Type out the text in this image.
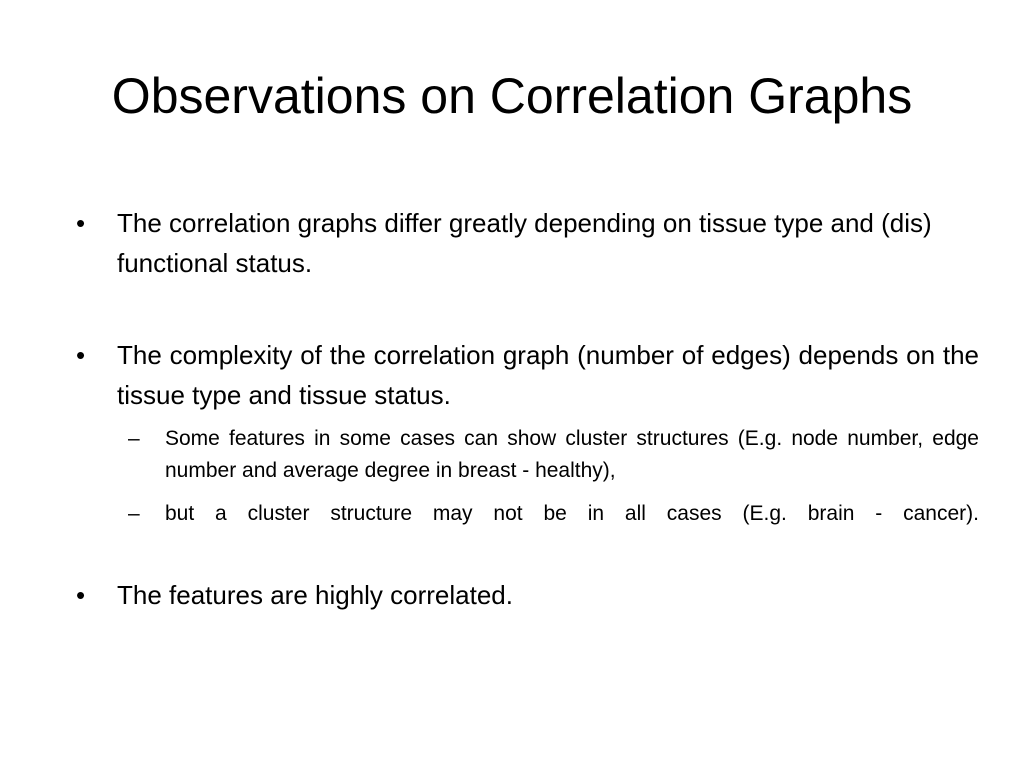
Observations on Correlation Graphs
• The correlation graphs differ greatly depending on tissue type and (dis) functional status.
• The complexity of the correlation graph (number of edges) depends on the tissue type and tissue status.
– Some features in some cases can show cluster structures (E.g. node number, edge number and average degree in breast - healthy),
– but a cluster structure may not be in all cases (E.g. brain - cancer).
• The features are highly correlated.
